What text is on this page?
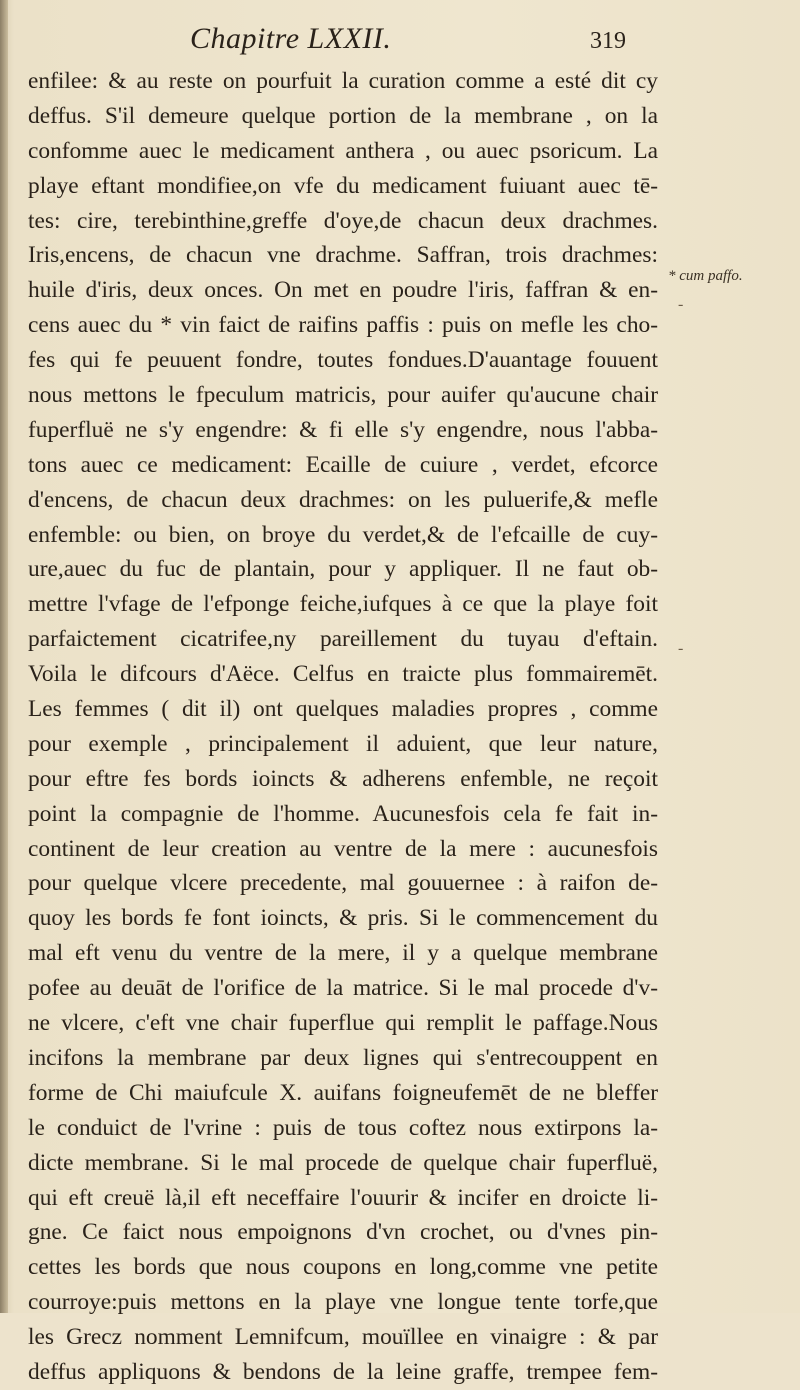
Chapitre LXXII.	319
enfilee: & au reste on pourfuit la curation comme a esté dit cy
deffus. S'il demeure quelque portion de la membrane , on la
confomme auec le medicament anthera , ou auec psoricum. La
playe eftant mondifiee,on vfe du medicament fuiuant auec tē-
tes: cire, terebinthine,greffe d'oye,de chacun deux drachmes.
Iris,encens, de chacun vne drachme. Saffran, trois drachmes:
huile d'iris, deux onces. On met en poudre l'iris, faffran & en-
cens auec du * vin faict de raifins paffis : puis on mefle les cho-
fes qui fe peuuent fondre, toutes fondues.D'auantage fouuent
nous mettons le fpeculum matricis, pour auifer qu'aucune chair
fuperfluë ne s'y engendre: & fi elle s'y engendre, nous l'abba-
tons auec ce medicament: Ecaille de cuiure , verdet, efcorce
d'encens, de chacun deux drachmes: on les puluerife,& mefle
enfemble: ou bien, on broye du verdet,& de l'efcaille de cuy-
ure,auec du fuc de plantain, pour y appliquer. Il ne faut ob-
mettre l'vfage de l'efponge feiche,iufques à ce que la playe foit
parfaictement cicatrifee,ny pareillement du tuyau d'eftain.
Voila le difcours d'Aëce. Celfus en traicte plus fommairemēt.
Les femmes ( dit il) ont quelques maladies propres , comme
pour exemple , principalement il aduient, que leur nature,
pour eftre fes bords ioincts & adherens enfemble, ne reçoit
point la compagnie de l'homme. Aucunesfois cela fe fait in-
continent de leur creation au ventre de la mere : aucunesfois
pour quelque vlcere precedente, mal gouuernee : à raifon de-
quoy les bords fe font ioincts, & pris. Si le commencement du
mal eft venu du ventre de la mere, il y a quelque membrane
pofee au deuāt de l'orifice de la matrice. Si le mal procede d'v-
ne vlcere, c'eft vne chair fuperflue qui remplit le paffage.Nous
incifons la membrane par deux lignes qui s'entrecouppent en
forme de Chi maiufcule X. auifans foigneufemēt de ne bleffer
le conduict de l'vrine : puis de tous coftez nous extirpons la-
dicte membrane. Si le mal procede de quelque chair fuperfluë,
qui eft creuë là,il eft neceffaire l'ouurir & incifer en droicte li-
gne. Ce faict nous empoignons d'vn crochet, ou d'vnes pin-
cettes les bords que nous coupons en long,comme vne petite
courroye:puis mettons en la playe vne longue tente torfe,que
les Grecz nomment Lemnifcum, mouïllee en vinaigre : & par
deffus appliquons & bendons de la leine graffe, trempee fem-
* cum paffo.
-
-
